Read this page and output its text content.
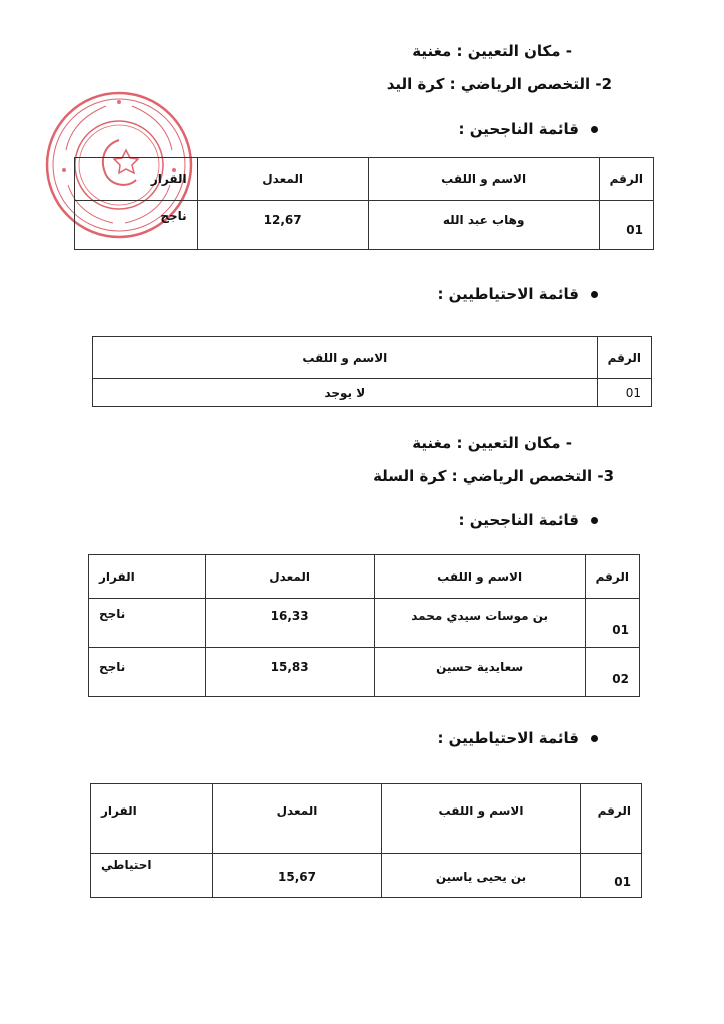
- مكان التعيين : مغنية
2- التخصص الرياضي : كرة اليد
قائمة الناجحين :
الرقم	الاسم و اللقب	المعدل	القرار
01	وهاب عبد الله	12,67	ناجح
قائمة الاحتياطيين :
الرقم	الاسم و اللقب
01	لا يوجد
- مكان التعيين : مغنية
3- التخصص الرياضي : كرة السلة
قائمة الناجحين :
الرقم	الاسم و اللقب	المعدل	القرار
01	بن موسات سيدي محمد	16,33	ناجح
02	سعايدية حسين	15,83	ناجح
قائمة الاحتياطيين :
الرقم	الاسم و اللقب	المعدل	القرار
01	بن يحيى ياسين	15,67	احتياطي
